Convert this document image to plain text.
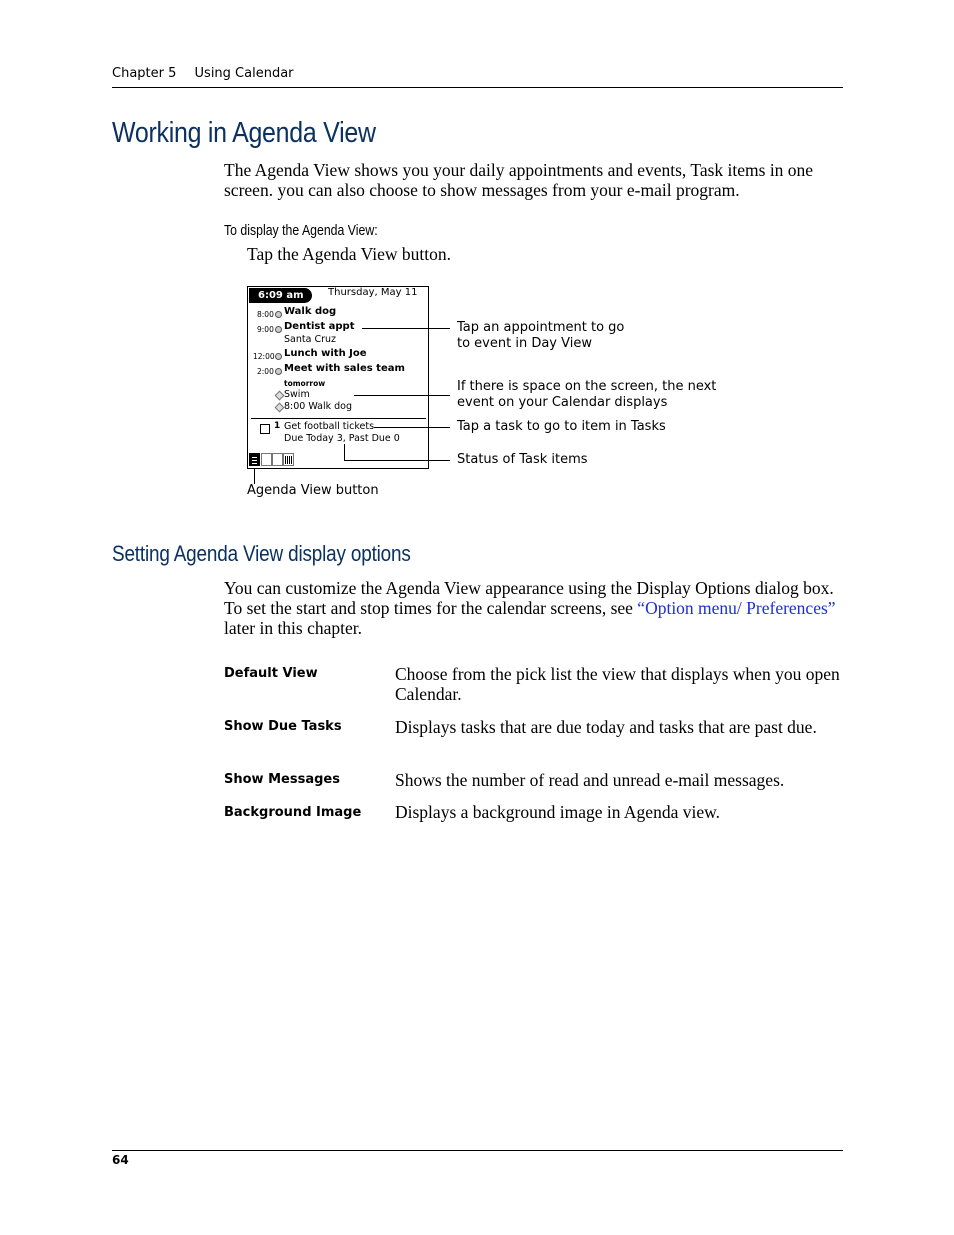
Chapter 5 Using Calendar
Working in Agenda View
The Agenda View shows you your daily appointments and events, Task items in one screen. you can also choose to show messages from your e-mail program.
To display the Agenda View:
Tap the Agenda View button.
6:09 am	Thursday, May 11
8:00 Walk dog
9:00 Dentist appt
Santa Cruz
12:00 Lunch with Joe
2:00 Meet with sales team
tomorrow
Swim
8:00 Walk dog
1 Get football tickets
Due Today 3, Past Due 0
Tap an appointment to go to event in Day View
If there is space on the screen, the next event on your Calendar displays
Tap a task to go to item in Tasks
Status of Task items
Agenda View button
Setting Agenda View display options
You can customize the Agenda View appearance using the Display Options dialog box. To set the start and stop times for the calendar screens, see “Option menu/ Preferences” later in this chapter.
Default View	Choose from the pick list the view that displays when you open Calendar.
Show Due Tasks	Displays tasks that are due today and tasks that are past due.
Show Messages	Shows the number of read and unread e-mail messages.
Background Image Displays a background image in Agenda view.
64
